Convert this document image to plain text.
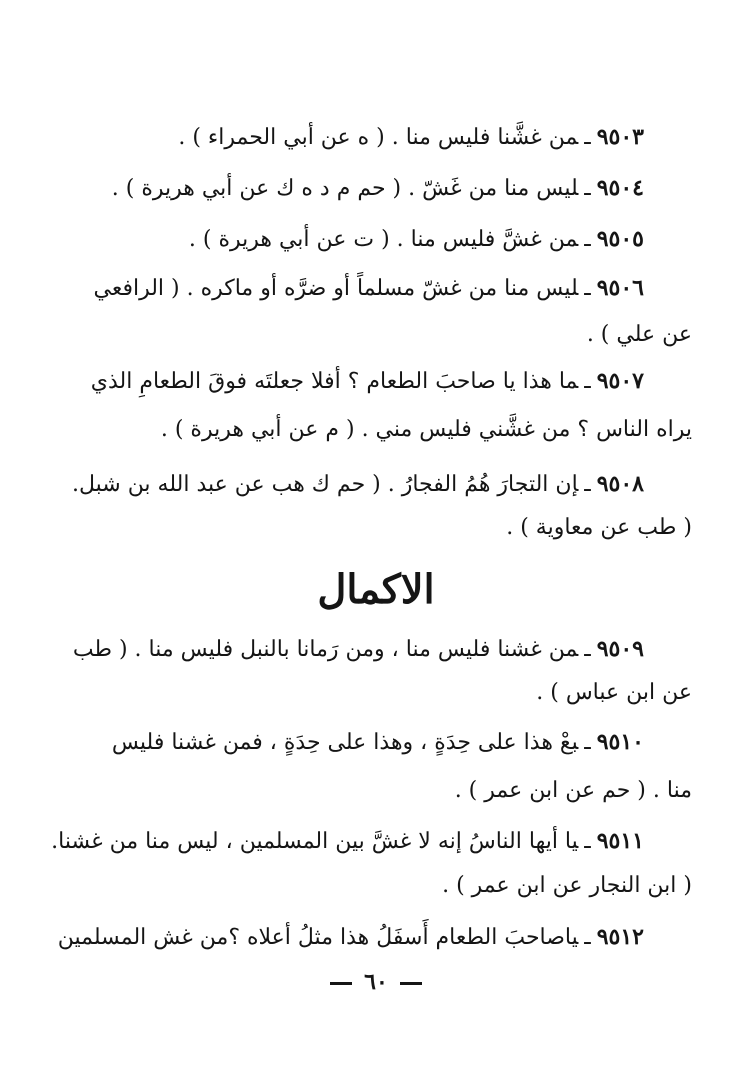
٩٥٠٣ـمن غشَّنا فليس منا . ( ه عن أبي الحمراء ) .
٩٥٠٤ـليس منا من غَشّ . ( حم م د ه ك عن أبي هريرة ) .
٩٥٠٥ـمن غشَّ فليس منا . ( ت عن أبي هريرة ) .
٩٥٠٦ـليس منا من غشّ مسلماً أو ضرَّه أو ماكره . ( الرافعي
عن علي ) .
٩٥٠٧ـما هذا يا صاحبَ الطعام ؟ أفلا جعلتَه فوقَ الطعامِ الذي
يراه الناس ؟ من غشَّني فليس مني . ( م عن أبي هريرة ) .
٩٥٠٨ـإن التجارَ هُمُ الفجارُ . ( حم ك هب عن عبد الله بن شبل.
( طب عن معاوية ) .
الاكمال
٩٥٠٩ـمن غشنا فليس منا ، ومن رَمانا بالنبل فليس منا . ( طب
عن ابن عباس ) .
٩٥١٠ـبعْ هذا على حِدَةٍ ، وهذا على حِدَةٍ ، فمن غشنا فليس
منا . ( حم عن ابن عمر ) .
٩٥١١ـيا أيها الناسُ إنه لا غشَّ بين المسلمين ، ليس منا من غشنا.
( ابن النجار عن ابن عمر ) .
٩٥١٢ـياصاحبَ الطعام أَسفَلُ هذا مثلُ أعلاه ؟من غش المسلمين
٦٠
